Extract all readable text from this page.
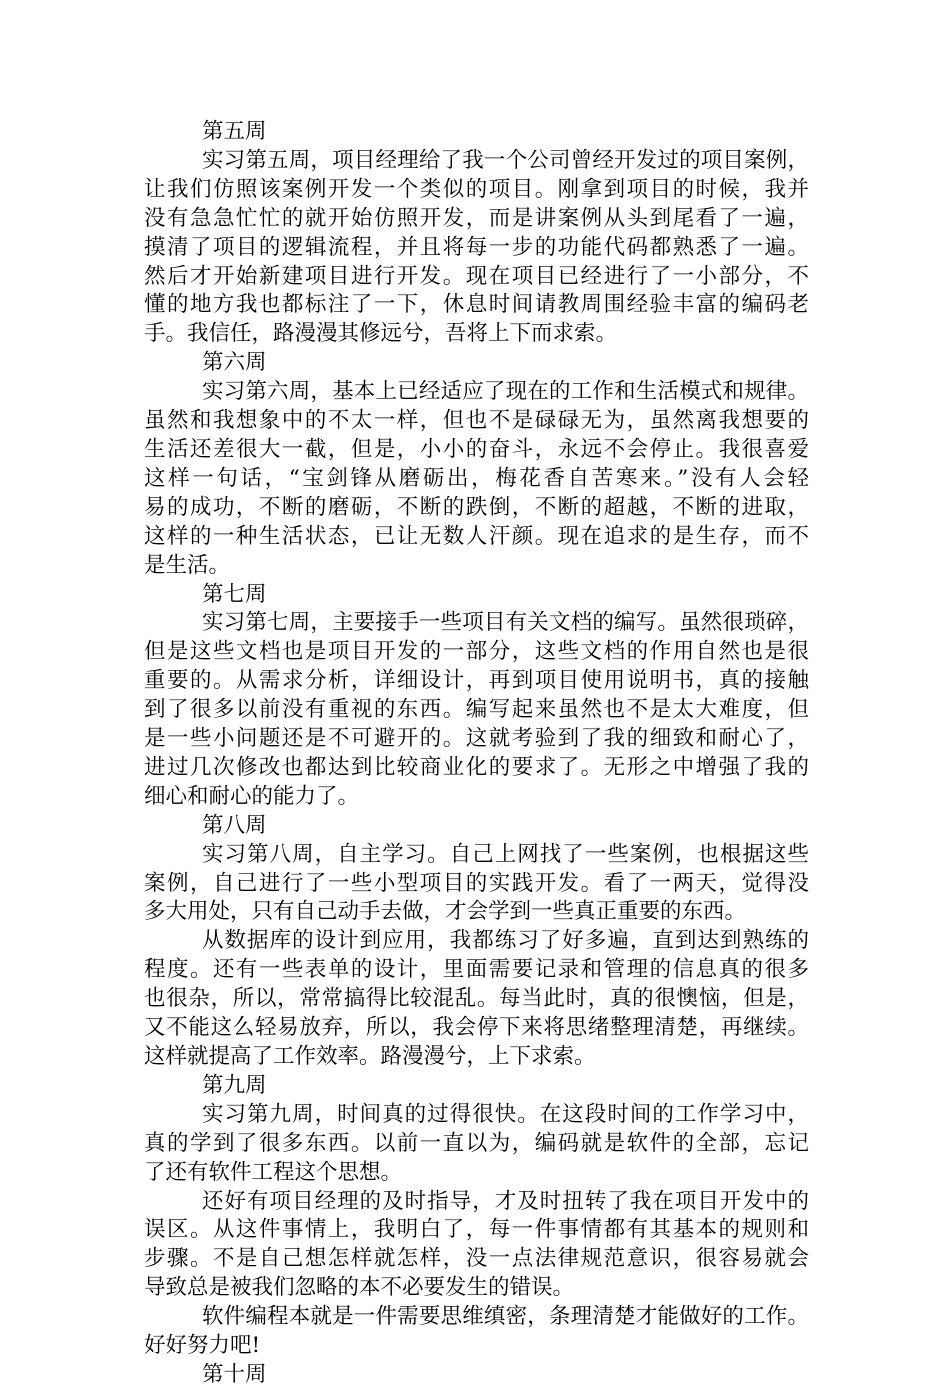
第五周
实习第五周，项目经理给了我一个公司曾经开发过的项目案例，
让我们仿照该案例开发一个类似的项目。刚拿到项目的时候，我并
没有急急忙忙的就开始仿照开发，而是讲案例从头到尾看了一遍，
摸清了项目的逻辑流程，并且将每一步的功能代码都熟悉了一遍。
然后才开始新建项目进行开发。现在项目已经进行了一小部分，不
懂的地方我也都标注了一下，休息时间请教周围经验丰富的编码老
手。我信任，路漫漫其修远兮，吾将上下而求索。
第六周
实习第六周，基本上已经适应了现在的工作和生活模式和规律。
虽然和我想象中的不太一样，但也不是碌碌无为，虽然离我想要的
生活还差很大一截，但是，小小的奋斗，永远不会停止。我很喜爱
这样一句话，“宝剑锋从磨砺出，梅花香自苦寒来。”没有人会轻
易的成功，不断的磨砺，不断的跌倒，不断的超越，不断的进取，
这样的一种生活状态，已让无数人汗颜。现在追求的是生存，而不
是生活。
第七周
实习第七周，主要接手一些项目有关文档的编写。虽然很琐碎，
但是这些文档也是项目开发的一部分，这些文档的作用自然也是很
重要的。从需求分析，详细设计，再到项目使用说明书，真的接触
到了很多以前没有重视的东西。编写起来虽然也不是太大难度，但
是一些小问题还是不可避开的。这就考验到了我的细致和耐心了，
进过几次修改也都达到比较商业化的要求了。无形之中增强了我的
细心和耐心的能力了。
第八周
实习第八周，自主学习。自己上网找了一些案例，也根据这些
案例，自己进行了一些小型项目的实践开发。看了一两天，觉得没
多大用处，只有自己动手去做，才会学到一些真正重要的东西。
从数据库的设计到应用，我都练习了好多遍，直到达到熟练的
程度。还有一些表单的设计，里面需要记录和管理的信息真的很多
也很杂，所以，常常搞得比较混乱。每当此时，真的很懊恼，但是，
又不能这么轻易放弃，所以，我会停下来将思绪整理清楚，再继续。
这样就提高了工作效率。路漫漫兮，上下求索。
第九周
实习第九周，时间真的过得很快。在这段时间的工作学习中，
真的学到了很多东西。以前一直以为，编码就是软件的全部，忘记
了还有软件工程这个思想。
还好有项目经理的及时指导，才及时扭转了我在项目开发中的
误区。从这件事情上，我明白了，每一件事情都有其基本的规则和
步骤。不是自己想怎样就怎样，没一点法律规范意识，很容易就会
导致总是被我们忽略的本不必要发生的错误。
软件编程本就是一件需要思维缜密，条理清楚才能做好的工作。
好好努力吧!
第十周
